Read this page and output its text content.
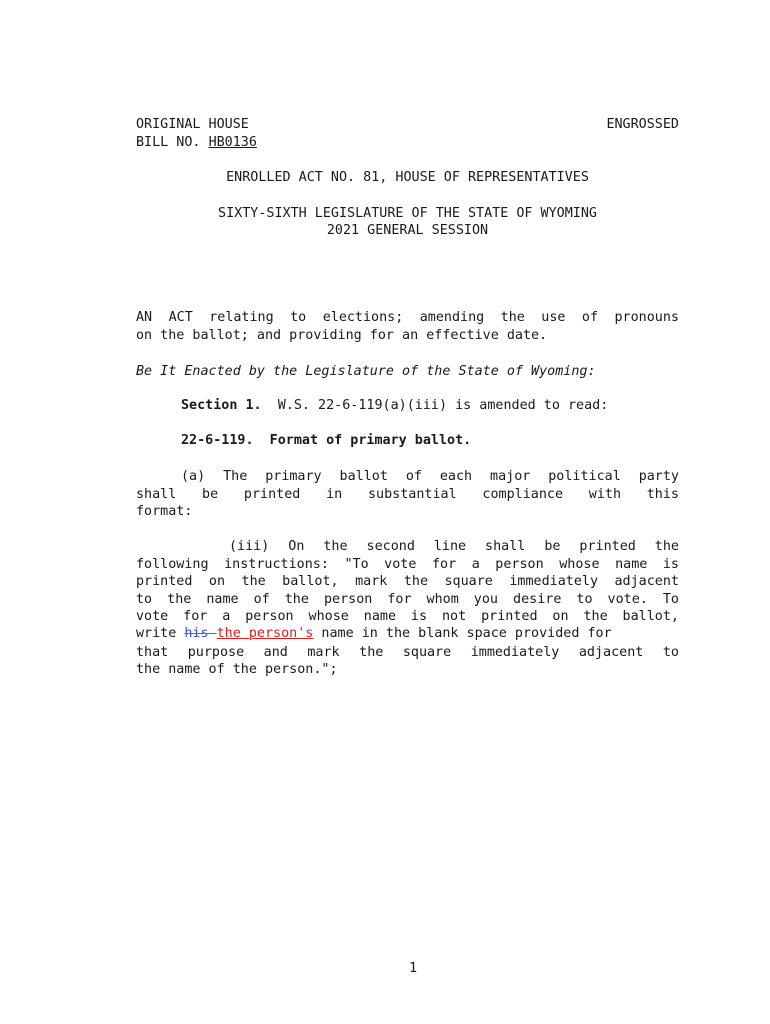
ORIGINAL HOUSE	ENGROSSED
BILL NO. HB0136
ENROLLED ACT NO. 81, HOUSE OF REPRESENTATIVES
SIXTY-SIXTH LEGISLATURE OF THE STATE OF WYOMING
2021 GENERAL SESSION
AN ACT relating to elections; amending the use of pronouns
on the ballot; and providing for an effective date.
Be It Enacted by the Legislature of the State of Wyoming:
Section 1.  W.S. 22-6-119(a)(iii) is amended to read:
22-6-119.  Format of primary ballot.
(a) The primary ballot of each major political party
shall be printed in substantial compliance with this
format:
(iii) On the second line shall be printed the
following instructions: "To vote for a person whose name is
printed on the ballot, mark the square immediately adjacent
to the name of the person for whom you desire to vote. To
vote for a person whose name is not printed on the ballot,
write his the person's name in the blank space provided for
that purpose and mark the square immediately adjacent to
the name of the person.";
1
